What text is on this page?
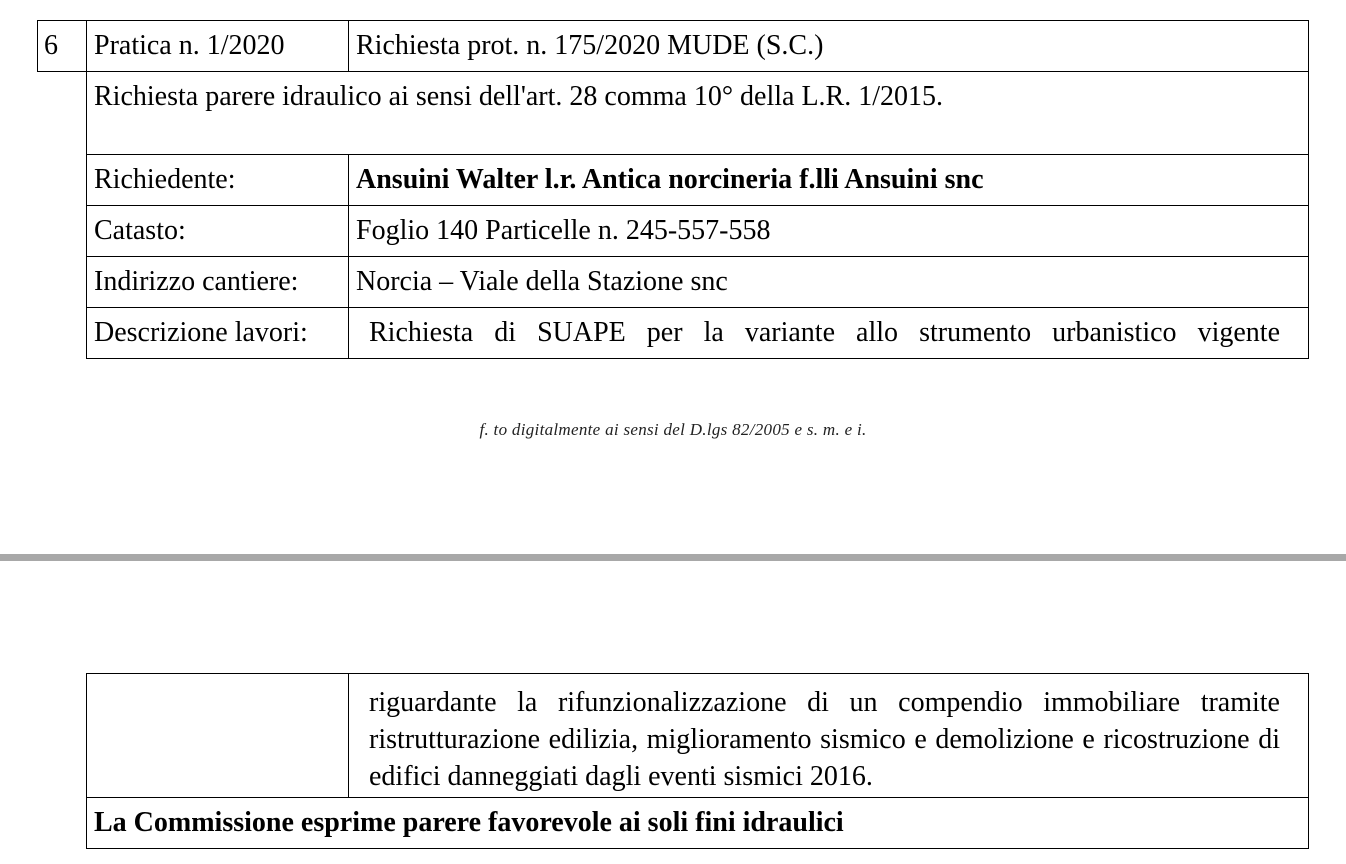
6	Pratica n. 1/2020	Richiesta prot. n. 175/2020 MUDE (S.C.)
	Richiesta parere idraulico ai sensi dell'art. 28 comma 10° della L.R. 1/2015.	
	Richiedente:	Ansuini Walter l.r. Antica norcineria f.lli Ansuini snc
	Catasto:	Foglio 140 Particelle n. 245-557-558
	Indirizzo cantiere:	Norcia – Viale della Stazione snc
	Descrizione lavori:	Richiesta di SUAPE per la variante allo strumento urbanistico vigente
f. to digitalmente ai sensi del D.lgs 82/2005 e s. m. e i.
	riguardante la rifunzionalizzazione di un compendio immobiliare tramite ristrutturazione edilizia, miglioramento sismico e demolizione e ricostruzione di edifici danneggiati dagli eventi sismici 2016.
La Commissione esprime parere favorevole ai soli fini idraulici
